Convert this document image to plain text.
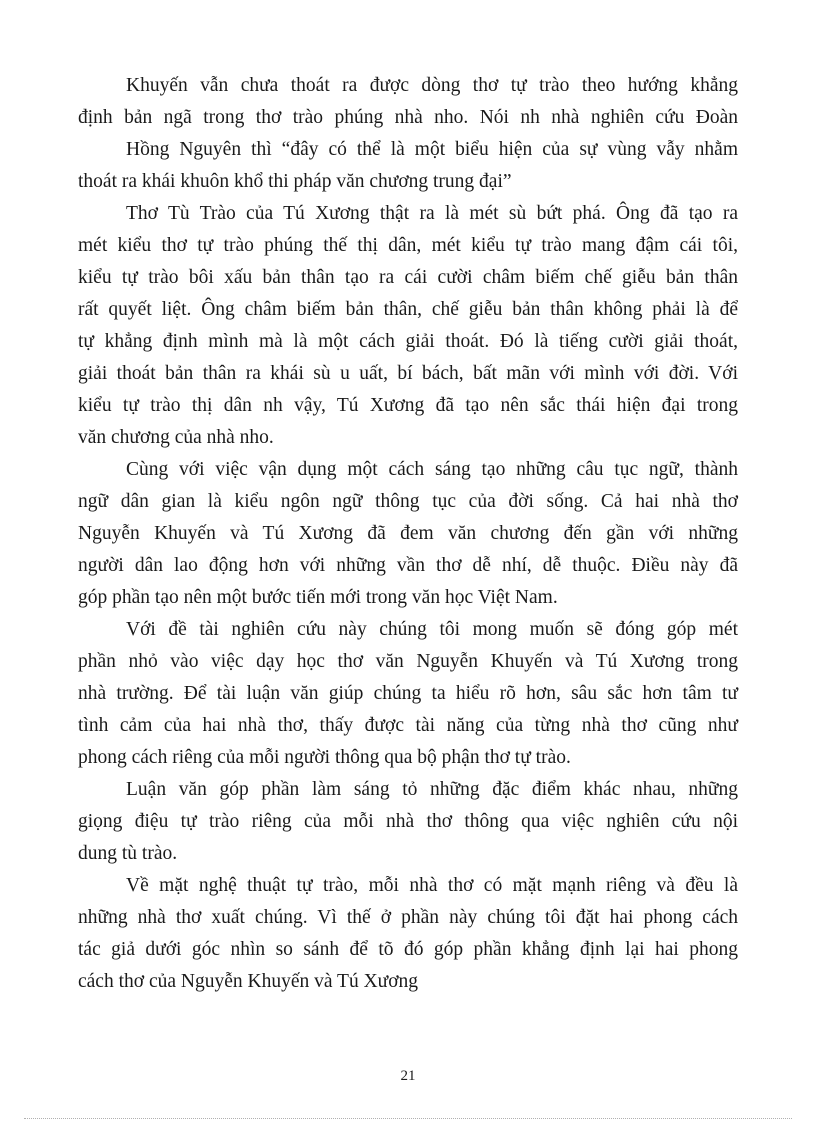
Khuyến vẫn chưa thoát ra được dòng thơ tự trào theo hướng khẳng
định bản ngã trong thơ trào phúng nhà nho. Nói nh nhà nghiên cứu Đoàn
Hồng Nguyên thì “đây có thể là một biểu hiện của sự vùng vẫy nhằm
thoát ra khái khuôn khổ thi pháp văn chương trung đại”
Thơ Tù Trào của Tú Xương thật ra là mét sù bứt phá. Ông đã tạo ra
mét kiểu thơ tự trào phúng thế thị dân, mét kiểu tự trào mang đậm cái tôi,
kiểu tự trào bôi xấu bản thân tạo ra cái cười châm biếm chế giễu bản thân
rất quyết liệt. Ông châm biếm bản thân, chế giễu bản thân không phải là để
tự khẳng định mình mà là một cách giải thoát. Đó là tiếng cười giải thoát,
giải thoát bản thân ra khái sù u uất, bí bách, bất mãn với mình với đời. Với
kiểu tự trào thị dân nh vậy, Tú Xương đã tạo nên sắc thái hiện đại trong
văn chương của nhà nho.
Cùng với việc vận dụng một cách sáng tạo những câu tục ngữ, thành
ngữ dân gian là kiểu ngôn ngữ thông tục của đời sống. Cả hai nhà thơ
Nguyễn Khuyến và Tú Xương đã đem văn chương đến gần với những
người dân lao động hơn với những vần thơ dễ nhí, dễ thuộc. Điều này đã
góp phần tạo nên một bước tiến mới trong văn học Việt Nam.
Với đề tài nghiên cứu này chúng tôi mong muốn sẽ đóng góp mét
phần nhỏ vào việc dạy học thơ văn Nguyễn Khuyến và Tú Xương trong
nhà trường. Để tài luận văn giúp chúng ta hiểu rõ hơn, sâu sắc hơn tâm tư
tình cảm của hai nhà thơ, thấy được tài năng của từng nhà thơ cũng như
phong cách riêng của mỗi người thông qua bộ phận thơ tự trào.
Luận văn góp phần làm sáng tỏ những đặc điểm khác nhau, những
giọng điệu tự trào riêng của mỗi nhà thơ thông qua việc nghiên cứu nội
dung tù trào.
Về mặt nghệ thuật tự trào, mỗi nhà thơ có mặt mạnh riêng và đều là
những nhà thơ xuất chúng. Vì thế ở phần này chúng tôi đặt hai phong cách
tác giả dưới góc nhìn so sánh để tõ đó góp phần khẳng định lại hai phong
cách thơ của Nguyễn Khuyến và Tú Xương
21
